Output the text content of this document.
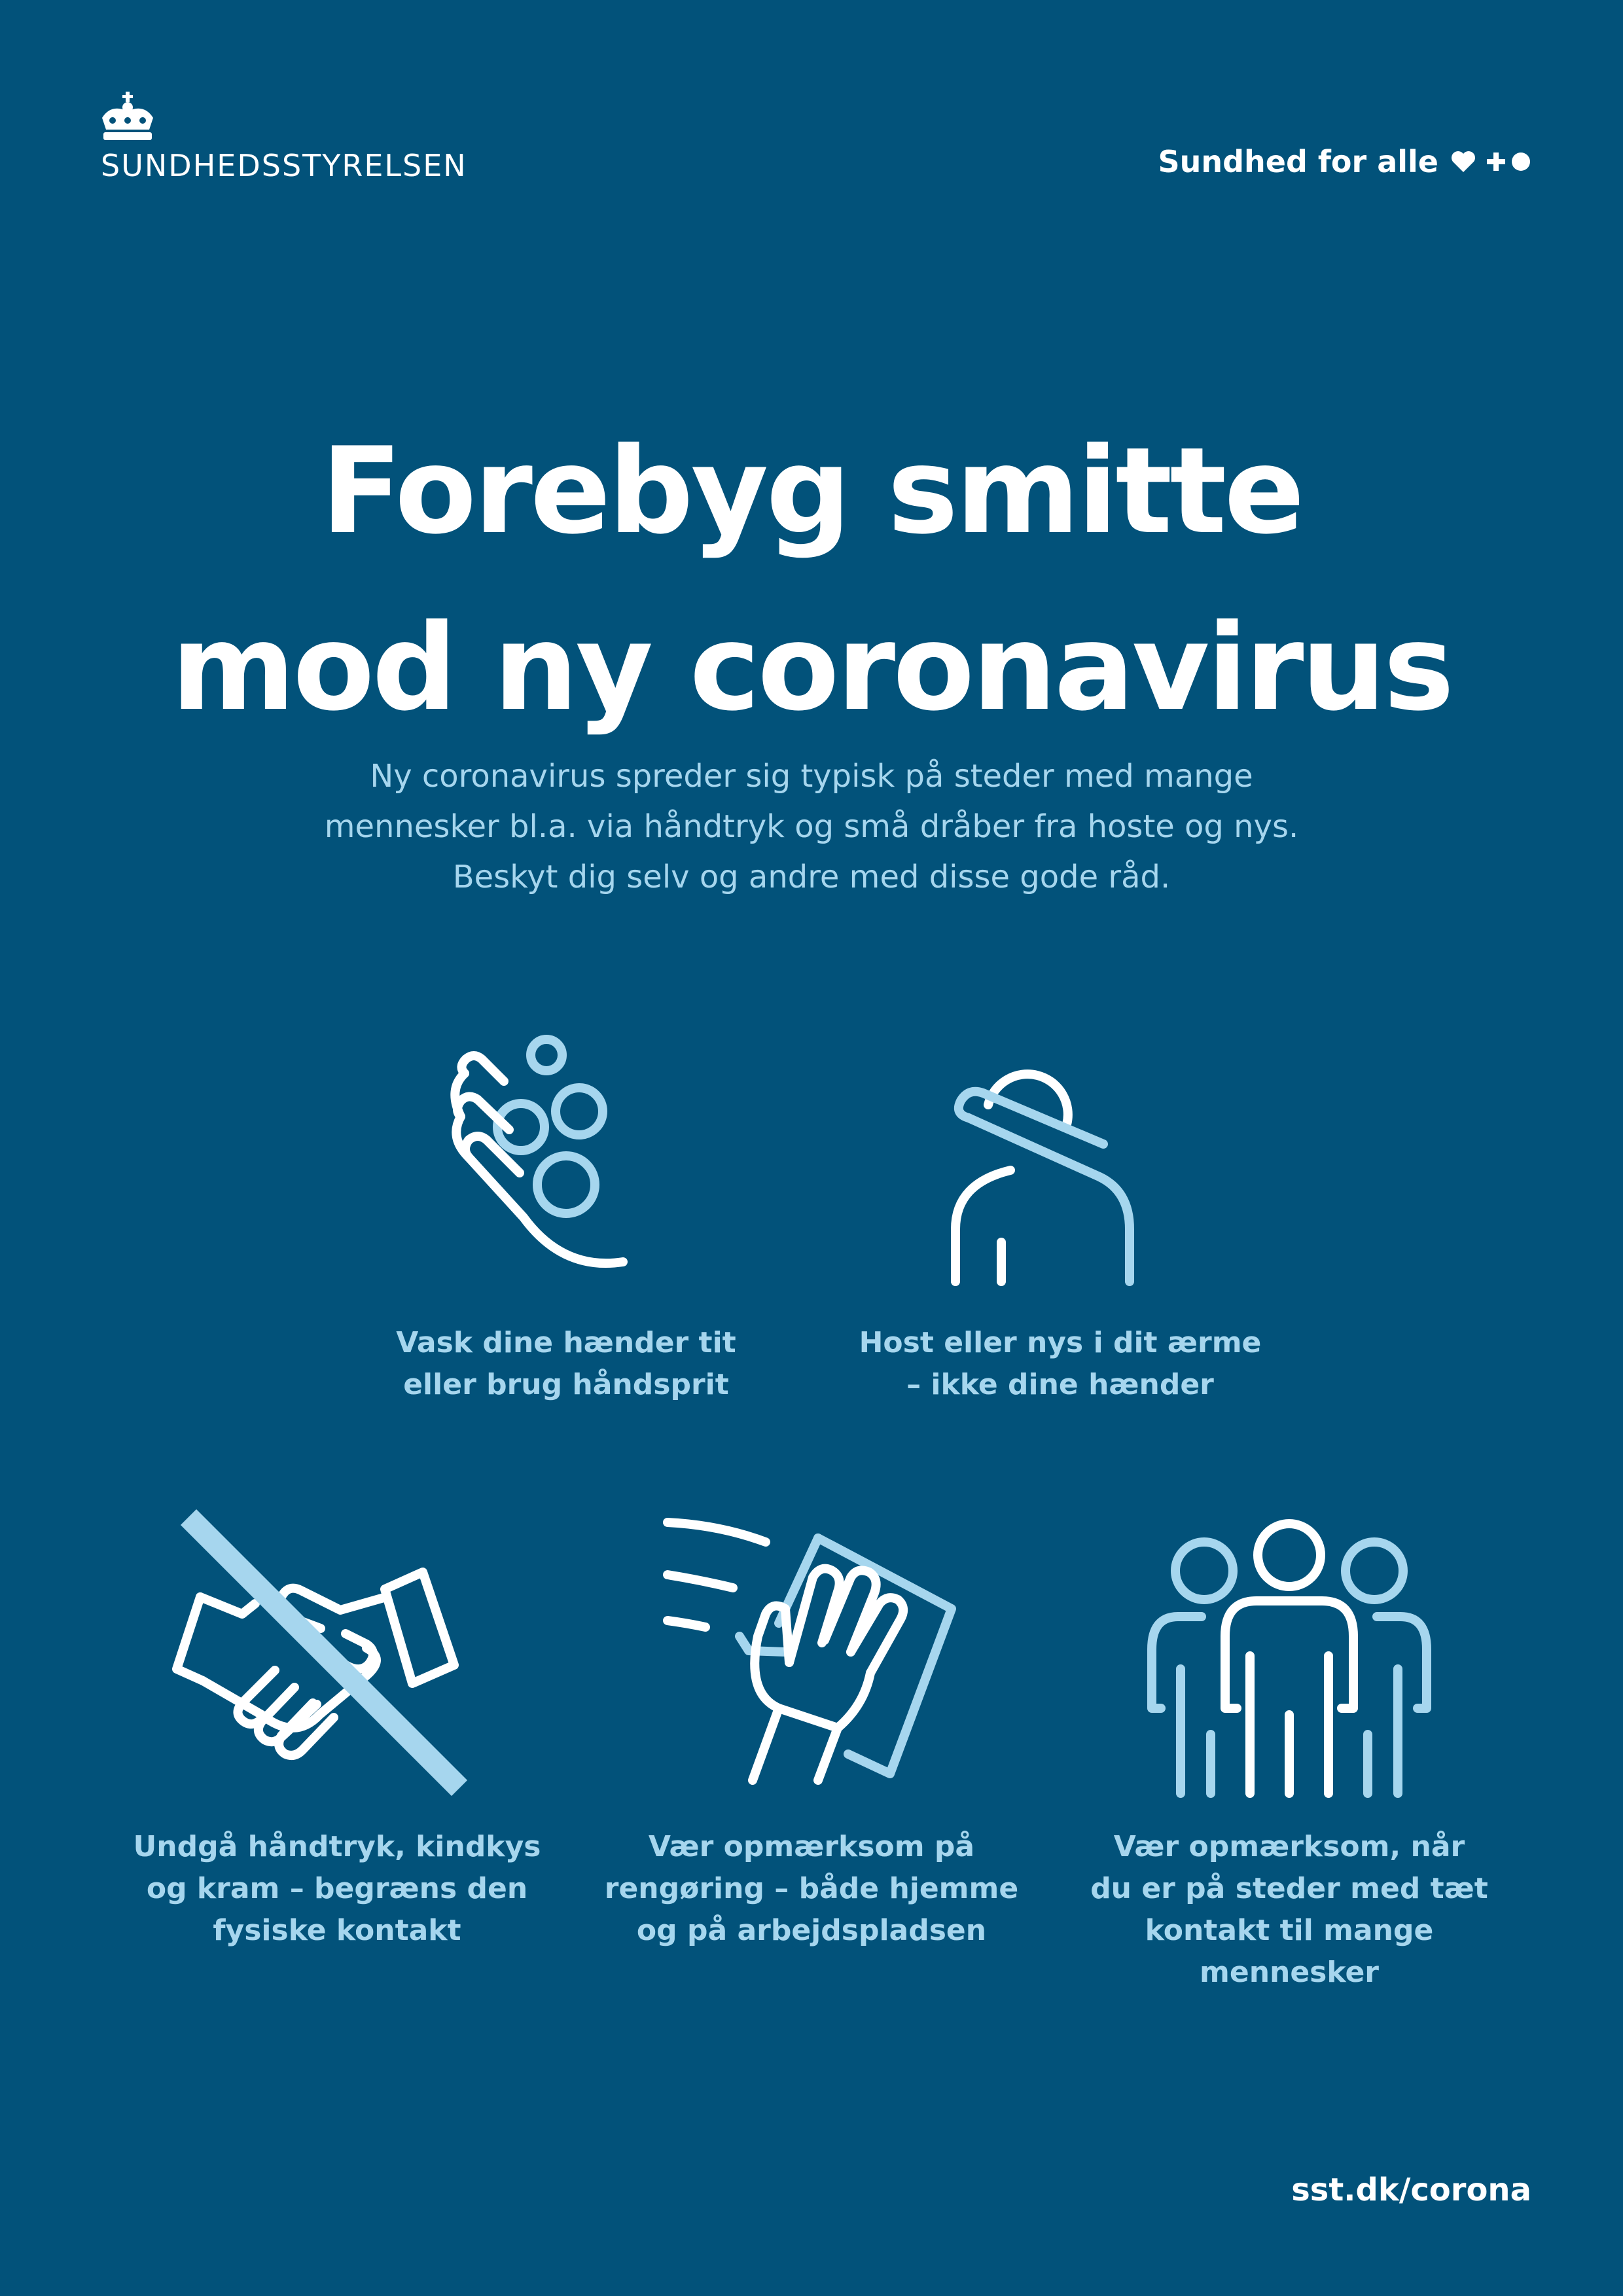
SUNDHEDSSTYRELSEN	Sundhed for alle
Forebyg smitte
mod ny coronavirus
Ny coronavirus spreder sig typisk på steder med mange
mennesker bl.a. via håndtryk og små dråber fra hoste og nys.
Beskyt dig selv og andre med disse gode råd.
Vask dine hænder tit
eller brug håndsprit
Host eller nys i dit ærme
– ikke dine hænder
Undgå håndtryk, kindkys
og kram – begræns den
fysiske kontakt
Vær opmærksom på
rengøring – både hjemme
og på arbejdspladsen
Vær opmærksom, når
du er på steder med tæt
kontakt til mange mennesker
sst.dk/corona
